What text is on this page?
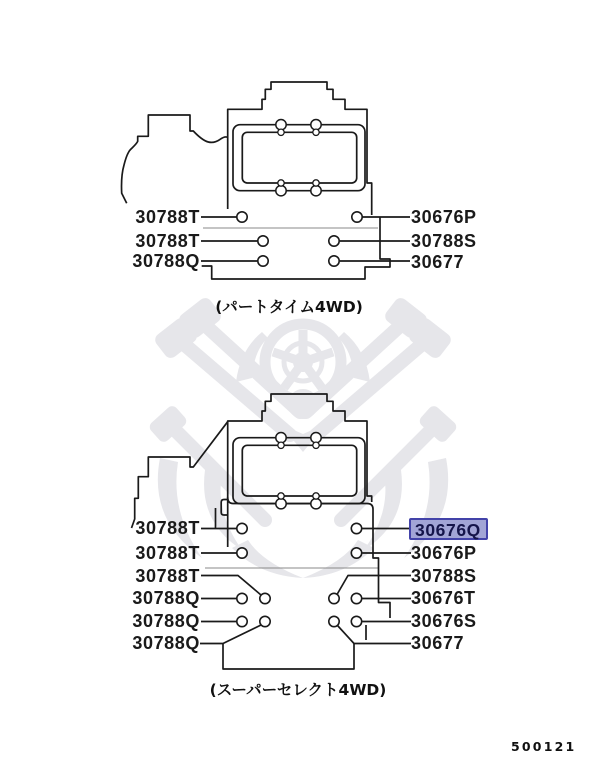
30788T
30788T
30788Q
30676P
30788S
30677
(パートタイム4WD)
30788T
30788T
30788T
30788Q
30788Q
30788Q
30676Q
30676P
30788S
30676T
30676S
30677
(スーパーセレクト4WD)
500121
